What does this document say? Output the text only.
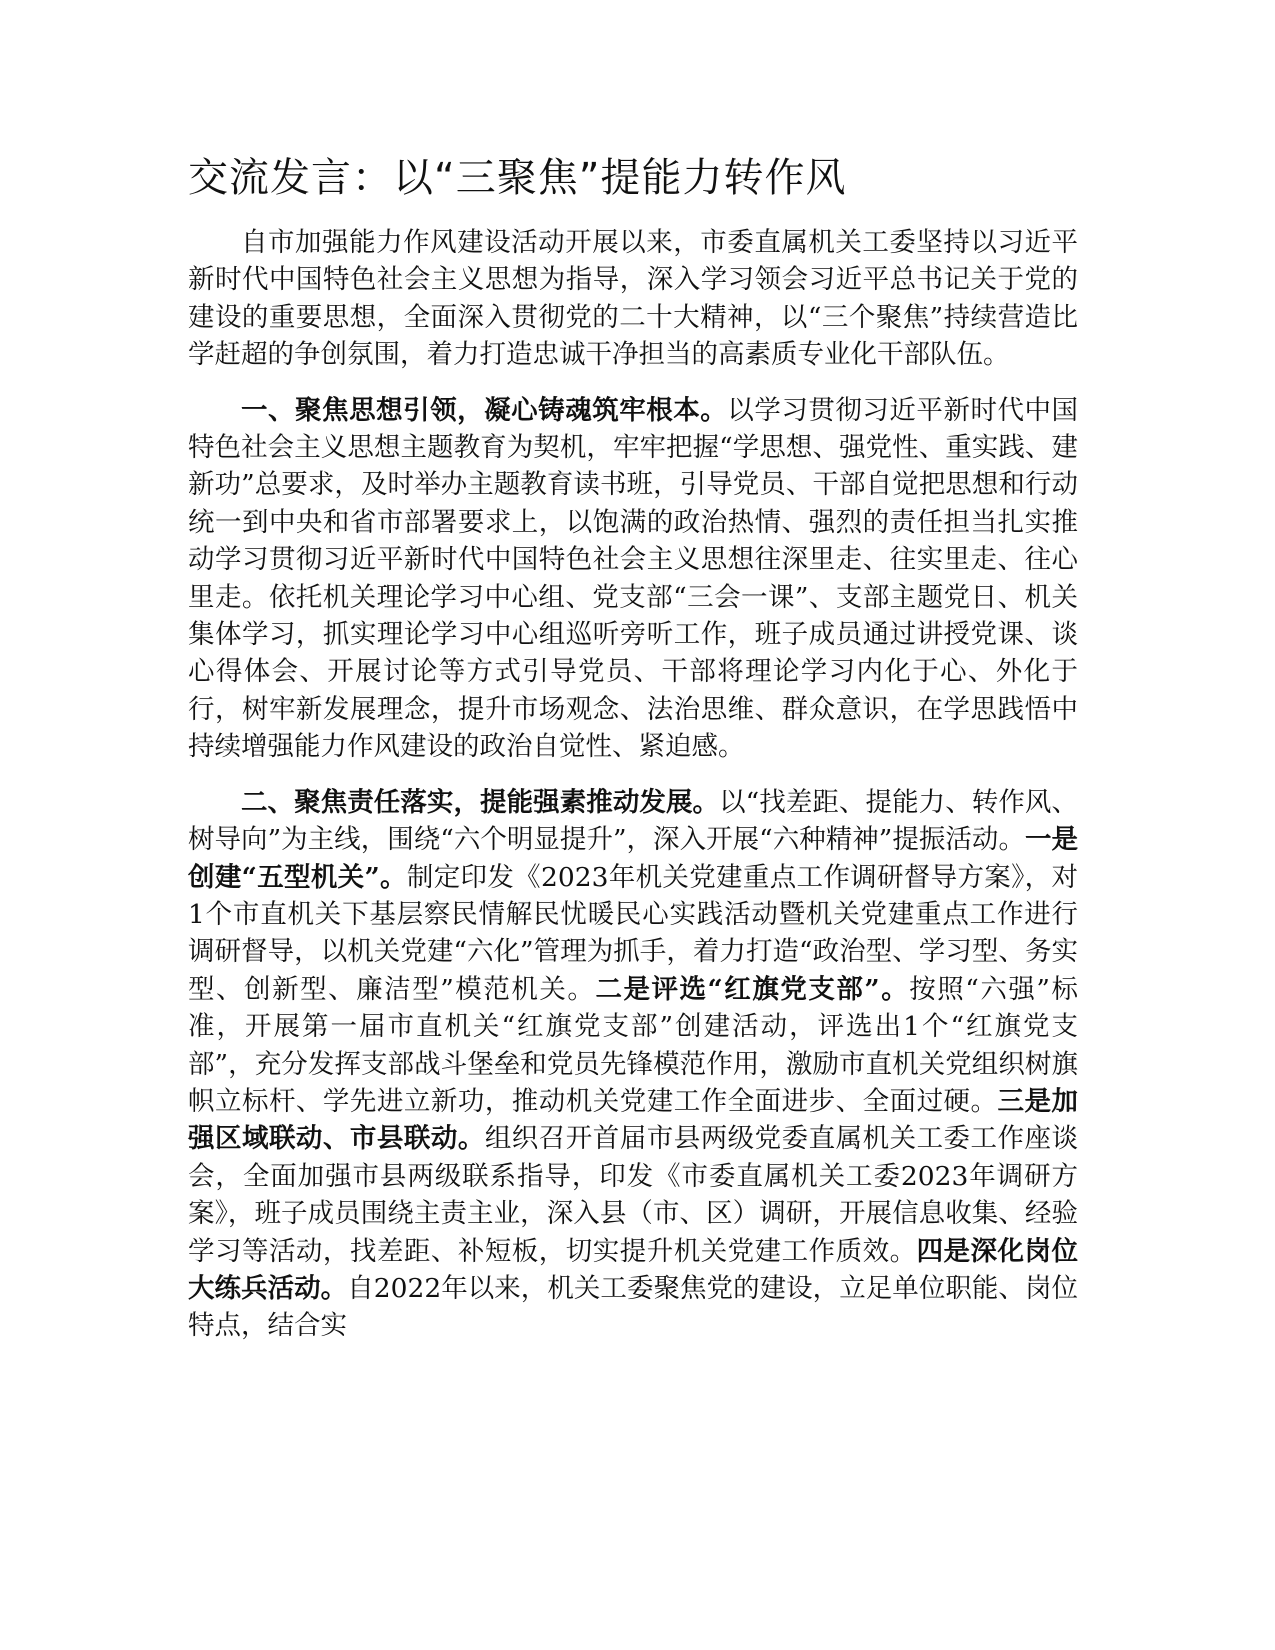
交流发言：以“三聚焦”提能力转作风

自市加强能力作风建设活动开展以来，市委直属机关工委坚持以习近平新时代中国特色社会主义思想为指导，深入学习领会习近平总书记关于党的建设的重要思想，全面深入贯彻党的二十大精神，以“三个聚焦”持续营造比学赶超的争创氛围，着力打造忠诚干净担当的高素质专业化干部队伍。

一、聚焦思想引领，凝心铸魂筑牢根本。以学习贯彻习近平新时代中国特色社会主义思想主题教育为契机，牢牢把握“学思想、强党性、重实践、建新功”总要求，及时举办主题教育读书班，引导党员、干部自觉把思想和行动统一到中央和省市部署要求上，以饱满的政治热情、强烈的责任担当扎实推动学习贯彻习近平新时代中国特色社会主义思想往深里走、往实里走、往心里走。依托机关理论学习中心组、党支部“三会一课”、支部主题党日、机关集体学习，抓实理论学习中心组巡听旁听工作，班子成员通过讲授党课、谈心得体会、开展讨论等方式引导党员、干部将理论学习内化于心、外化于行，树牢新发展理念，提升市场观念、法治思维、群众意识，在学思践悟中持续增强能力作风建设的政治自觉性、紧迫感。

二、聚焦责任落实，提能强素推动发展。以“找差距、提能力、转作风、树导向”为主线，围绕“六个明显提升”，深入开展“六种精神”提振活动。一是创建“五型机关”。制定印发《2023年机关党建重点工作调研督导方案》，对1个市直机关下基层察民情解民忧暖民心实践活动暨机关党建重点工作进行调研督导，以机关党建“六化”管理为抓手，着力打造“政治型、学习型、务实型、创新型、廉洁型”模范机关。二是评选“红旗党支部”。按照“六强”标准，开展第一届市直机关“红旗党支部”创建活动，评选出1个“红旗党支部”，充分发挥支部战斗堡垒和党员先锋模范作用，激励市直机关党组织树旗帜立标杆、学先进立新功，推动机关党建工作全面进步、全面过硬。三是加强区域联动、市县联动。组织召开首届市县两级党委直属机关工委工作座谈会，全面加强市县两级联系指导，印发《市委直属机关工委2023年调研方案》，班子成员围绕主责主业，深入县（市、区）调研，开展信息收集、经验学习等活动，找差距、补短板，切实提升机关党建工作质效。四是深化岗位大练兵活动。自2022年以来，机关工委聚焦党的建设，立足单位职能、岗位特点，结合实
